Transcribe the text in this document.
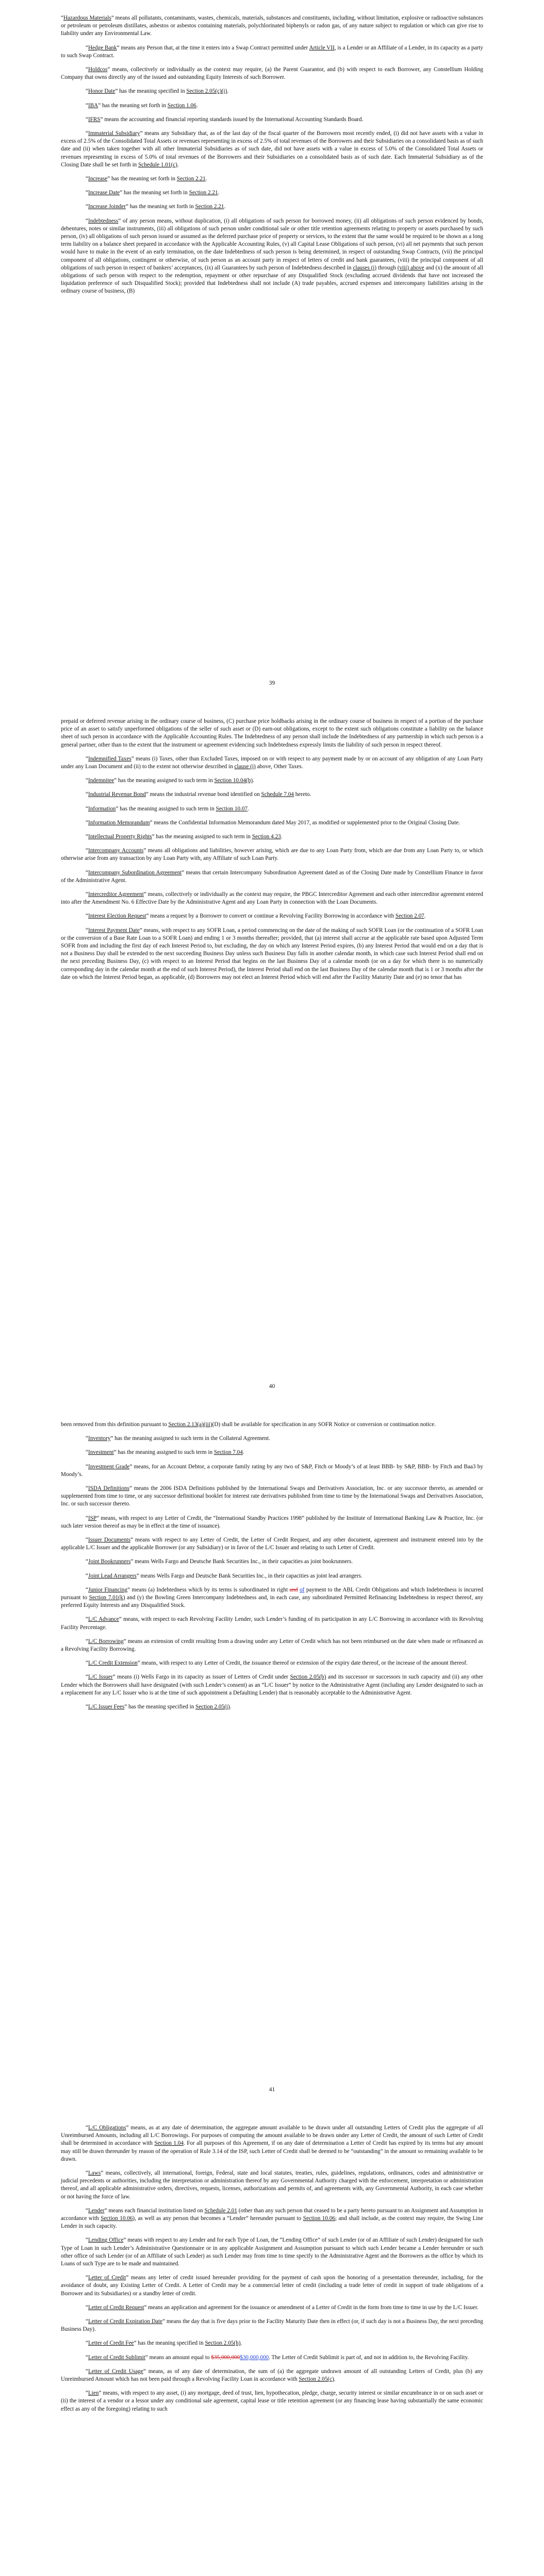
“Hazardous Materials” means all pollutants, contaminants, wastes, chemicals, materials, substances and constituents, including, without limitation, explosive or radioactive substances or petroleum or petroleum distillates, asbestos or asbestos containing materials, polychlorinated biphenyls or radon gas, of any nature subject to regulation or which can give rise to liability under any Environmental Law.

“Hedge Bank” means any Person that, at the time it enters into a Swap Contract permitted under Article VII, is a Lender or an Affiliate of a Lender, in its capacity as a party to such Swap Contract.

“Holdcos” means, collectively or individually as the context may require, (a) the Parent Guarantor, and (b) with respect to each Borrower, any Constellium Holding Company that owns directly any of the issued and outstanding Equity Interests of such Borrower.

“Honor Date” has the meaning specified in Section 2.05(c)(i).

“IBA” has the meaning set forth in Section 1.06.

“IFRS” means the accounting and financial reporting standards issued by the International Accounting Standards Board.

“Immaterial Subsidiary” means any Subsidiary that, as of the last day of the fiscal quarter of the Borrowers most recently ended, (i) did not have assets with a value in excess of 2.5% of the Consolidated Total Assets or revenues representing in excess of 2.5% of total revenues of the Borrowers and their Subsidiaries on a consolidated basis as of such date and (ii) when taken together with all other Immaterial Subsidiaries as of such date, did not have assets with a value in excess of 5.0% of the Consolidated Total Assets or revenues representing in excess of 5.0% of total revenues of the Borrowers and their Subsidiaries on a consolidated basis as of such date. Each Immaterial Subsidiary as of the Closing Date shall be set forth in Schedule 1.01(c).

“Increase” has the meaning set forth in Section 2.21.

“Increase Date” has the meaning set forth in Section 2.21.

“Increase Joinder” has the meaning set forth in Section 2.21.

“Indebtedness” of any person means, without duplication, (i) all obligations of such person for borrowed money, (ii) all obligations of such person evidenced by bonds, debentures, notes or similar instruments, (iii) all obligations of such person under conditional sale or other title retention agreements relating to property or assets purchased by such person, (iv) all obligations of such person issued or assumed as the deferred purchase price of property or services, to the extent that the same would be required to be shown as a long term liability on a balance sheet prepared in accordance with the Applicable Accounting Rules, (v) all Capital Lease Obligations of such person, (vi) all net payments that such person would have to make in the event of an early termination, on the date Indebtedness of such person is being determined, in respect of outstanding Swap Contracts, (vii) the principal component of all obligations, contingent or otherwise, of such person as an account party in respect of letters of credit and bank guarantees, (viii) the principal component of all obligations of such person in respect of bankers’ acceptances, (ix) all Guarantees by such person of Indebtedness described in clauses (i) through (viii) above and (x) the amount of all obligations of such person with respect to the redemption, repayment or other repurchase of any Disqualified Stock (excluding accrued dividends that have not increased the liquidation preference of such Disqualified Stock); provided that Indebtedness shall not include (A) trade payables, accrued expenses and intercompany liabilities arising in the ordinary course of business, (B)

39

prepaid or deferred revenue arising in the ordinary course of business, (C) purchase price holdbacks arising in the ordinary course of business in respect of a portion of the purchase price of an asset to satisfy unperformed obligations of the seller of such asset or (D) earn-out obligations, except to the extent such obligations constitute a liability on the balance sheet of such person in accordance with the Applicable Accounting Rules. The Indebtedness of any person shall include the Indebtedness of any partnership in which such person is a general partner, other than to the extent that the instrument or agreement evidencing such Indebtedness expressly limits the liability of such person in respect thereof.

“Indemnified Taxes” means (i) Taxes, other than Excluded Taxes, imposed on or with respect to any payment made by or on account of any obligation of any Loan Party under any Loan Document and (ii) to the extent not otherwise described in clause (i) above, Other Taxes.

“Indemnitee” has the meaning assigned to such term in Section 10.04(b).

“Industrial Revenue Bond” means the industrial revenue bond identified on Schedule 7.04 hereto.

“Information” has the meaning assigned to such term in Section 10.07.

“Information Memorandum” means the Confidential Information Memorandum dated May 2017, as modified or supplemented prior to the Original Closing Date.

“Intellectual Property Rights” has the meaning assigned to such term in Section 4.23.

“Intercompany Accounts” means all obligations and liabilities, however arising, which are due to any Loan Party from, which are due from any Loan Party to, or which otherwise arise from any transaction by any Loan Party with, any Affiliate of such Loan Party.

“Intercompany Subordination Agreement” means that certain Intercompany Subordination Agreement dated as of the Closing Date made by Constellium Finance in favor of the Administrative Agent.

“Intercreditor Agreement” means, collectively or individually as the context may require, the PBGC Intercreditor Agreement and each other intercreditor agreement entered into after the Amendment No. 6 Effective Date by the Administrative Agent and any Loan Party in connection with the Loan Documents.

“Interest Election Request” means a request by a Borrower to convert or continue a Revolving Facility Borrowing in accordance with Section 2.07.

“Interest Payment Date” means, with respect to any SOFR Loan, a period commencing on the date of the making of such SOFR Loan (or the continuation of a SOFR Loan or the conversion of a Base Rate Loan to a SOFR Loan) and ending 1 or 3 months thereafter; provided, that (a) interest shall accrue at the applicable rate based upon Adjusted Term SOFR from and including the first day of each Interest Period to, but excluding, the day on which any Interest Period expires, (b) any Interest Period that would end on a day that is not a Business Day shall be extended to the next succeeding Business Day unless such Business Day falls in another calendar month, in which case such Interest Period shall end on the next preceding Business Day, (c) with respect to an Interest Period that begins on the last Business Day of a calendar month (or on a day for which there is no numerically corresponding day in the calendar month at the end of such Interest Period), the Interest Period shall end on the last Business Day of the calendar month that is 1 or 3 months after the date on which the Interest Period began, as applicable, (d) Borrowers may not elect an Interest Period which will end after the Facility Maturity Date and (e) no tenor that has

40

been removed from this definition pursuant to Section 2.13(a)(iii)(D) shall be available for specification in any SOFR Notice or conversion or continuation notice.

“Inventory” has the meaning assigned to such term in the Collateral Agreement.

“Investment” has the meaning assigned to such term in Section 7.04.

“Investment Grade” means, for an Account Debtor, a corporate family rating by any two of S&P, Fitch or Moody’s of at least BBB- by S&P, BBB- by Fitch and Baa3 by Moody’s.

“ISDA Definitions” means the 2006 ISDA Definitions published by the International Swaps and Derivatives Association, Inc. or any successor thereto, as amended or supplemented from time to time, or any successor definitional booklet for interest rate derivatives published from time to time by the International Swaps and Derivatives Association, Inc. or such successor thereto.

“ISP” means, with respect to any Letter of Credit, the “International Standby Practices 1998” published by the Institute of International Banking Law & Practice, Inc. (or such later version thereof as may be in effect at the time of issuance).

“Issuer Documents” means with respect to any Letter of Credit, the Letter of Credit Request, and any other document, agreement and instrument entered into by the applicable L/C Issuer and the applicable Borrower (or any Subsidiary) or in favor of the L/C Issuer and relating to such Letter of Credit.

“Joint Bookrunners” means Wells Fargo and Deutsche Bank Securities Inc., in their capacities as joint bookrunners.

“Joint Lead Arrangers” means Wells Fargo and Deutsche Bank Securities Inc., in their capacities as joint lead arrangers.

“Junior Financing” means (a) Indebtedness which by its terms is subordinated in right and of payment to the ABL Credit Obligations and which Indebtedness is incurred pursuant to Section 7.01(k) and (y) the Bowling Green Intercompany Indebtedness and, in each case, any subordinated Permitted Refinancing Indebtedness in respect thereof, any preferred Equity Interests and any Disqualified Stock.

“L/C Advance” means, with respect to each Revolving Facility Lender, such Lender’s funding of its participation in any L/C Borrowing in accordance with its Revolving Facility Percentage.

“L/C Borrowing” means an extension of credit resulting from a drawing under any Letter of Credit which has not been reimbursed on the date when made or refinanced as a Revolving Facility Borrowing.

“L/C Credit Extension” means, with respect to any Letter of Credit, the issuance thereof or extension of the expiry date thereof, or the increase of the amount thereof.

“L/C Issuer” means (i) Wells Fargo in its capacity as issuer of Letters of Credit under Section 2.05(b) and its successor or successors in such capacity and (ii) any other Lender which the Borrowers shall have designated (with such Lender’s consent) as an “L/C Issuer” by notice to the Administrative Agent (including any Lender designated to such as a replacement for any L/C Issuer who is at the time of such appointment a Defaulting Lender) that is reasonably acceptable to the Administrative Agent.

“L/C Issuer Fees” has the meaning specified in Section 2.05(i).

41

“L/C Obligations” means, as at any date of determination, the aggregate amount available to be drawn under all outstanding Letters of Credit plus the aggregate of all Unreimbursed Amounts, including all L/C Borrowings. For purposes of computing the amount available to be drawn under any Letter of Credit, the amount of such Letter of Credit shall be determined in accordance with Section 1.04. For all purposes of this Agreement, if on any date of determination a Letter of Credit has expired by its terms but any amount may still be drawn thereunder by reason of the operation of Rule 3.14 of the ISP, such Letter of Credit shall be deemed to be “outstanding” in the amount so remaining available to be drawn.

“Laws” means, collectively, all international, foreign, Federal, state and local statutes, treaties, rules, guidelines, regulations, ordinances, codes and administrative or judicial precedents or authorities, including the interpretation or administration thereof by any Governmental Authority charged with the enforcement, interpretation or administration thereof, and all applicable administrative orders, directives, requests, licenses, authorizations and permits of, and agreements with, any Governmental Authority, in each case whether or not having the force of law.

“Lender” means each financial institution listed on Schedule 2.01 (other than any such person that ceased to be a party hereto pursuant to an Assignment and Assumption in accordance with Section 10.06), as well as any person that becomes a “Lender” hereunder pursuant to Section 10.06; and shall include, as the context may require, the Swing Line Lender in such capacity.

“Lending Office” means with respect to any Lender and for each Type of Loan, the “Lending Office” of such Lender (or of an Affiliate of such Lender) designated for such Type of Loan in such Lender’s Administrative Questionnaire or in any applicable Assignment and Assumption pursuant to which such Lender became a Lender hereunder or such other office of such Lender (or of an Affiliate of such Lender) as such Lender may from time to time specify to the Administrative Agent and the Borrowers as the office by which its Loans of such Type are to be made and maintained.

“Letter of Credit” means any letter of credit issued hereunder providing for the payment of cash upon the honoring of a presentation thereunder, including, for the avoidance of doubt, any Existing Letter of Credit. A Letter of Credit may be a commercial letter of credit (including a trade letter of credit in support of trade obligations of a Borrower and its Subsidiaries) or a standby letter of credit.

“Letter of Credit Request” means an application and agreement for the issuance or amendment of a Letter of Credit in the form from time to time in use by the L/C Issuer.

“Letter of Credit Expiration Date” means the day that is five days prior to the Facility Maturity Date then in effect (or, if such day is not a Business Day, the next preceding Business Day).

“Letter of Credit Fee” has the meaning specified in Section 2.05(h).

“Letter of Credit Sublimit” means an amount equal to $35,000,000$30,000,000. The Letter of Credit Sublimit is part of, and not in addition to, the Revolving Facility.

“Letter of Credit Usage” means, as of any date of determination, the sum of (a) the aggregate undrawn amount of all outstanding Letters of Credit, plus (b) any Unreimbursed Amount which has not been paid through a Revolving Facility Loan in accordance with Section 2.05(c).

“Lien” means, with respect to any asset, (i) any mortgage, deed of trust, lien, hypothecation, pledge, charge, security interest or similar encumbrance in or on such asset or (ii) the interest of a vendor or a lessor under any conditional sale agreement, capital lease or title retention agreement (or any financing lease having substantially the same economic effect as any of the foregoing) relating to such
